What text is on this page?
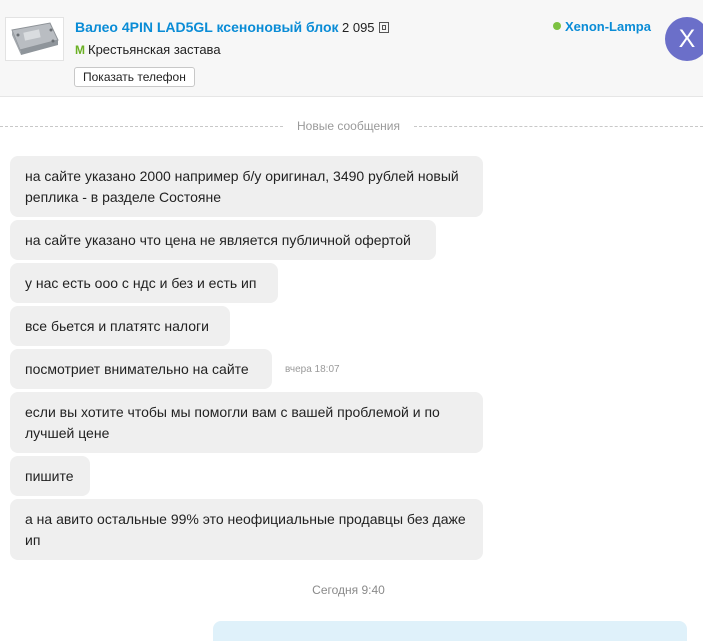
Валео 4PIN LAD5GL ксеноновый блок 2 095
M Крестьянская застава
Показать телефон
Xenon-Lampa	X
Новые сообщения
на сайте указано 2000 например б/у оригинал, 3490 рублей новый реплика - в разделе Состояне
на сайте указано что цена не является публичной офертой
у нас есть ооо с ндс и без и есть ип
все бьется и платятс налоги
посмотриет внимательно на сайте	вчера 18:07
если вы хотите чтобы мы помогли вам с вашей проблемой и по лучшей цене
пишите
а на авито остальные 99% это неофициальные продавцы без даже ип
Сегодня 9:40
